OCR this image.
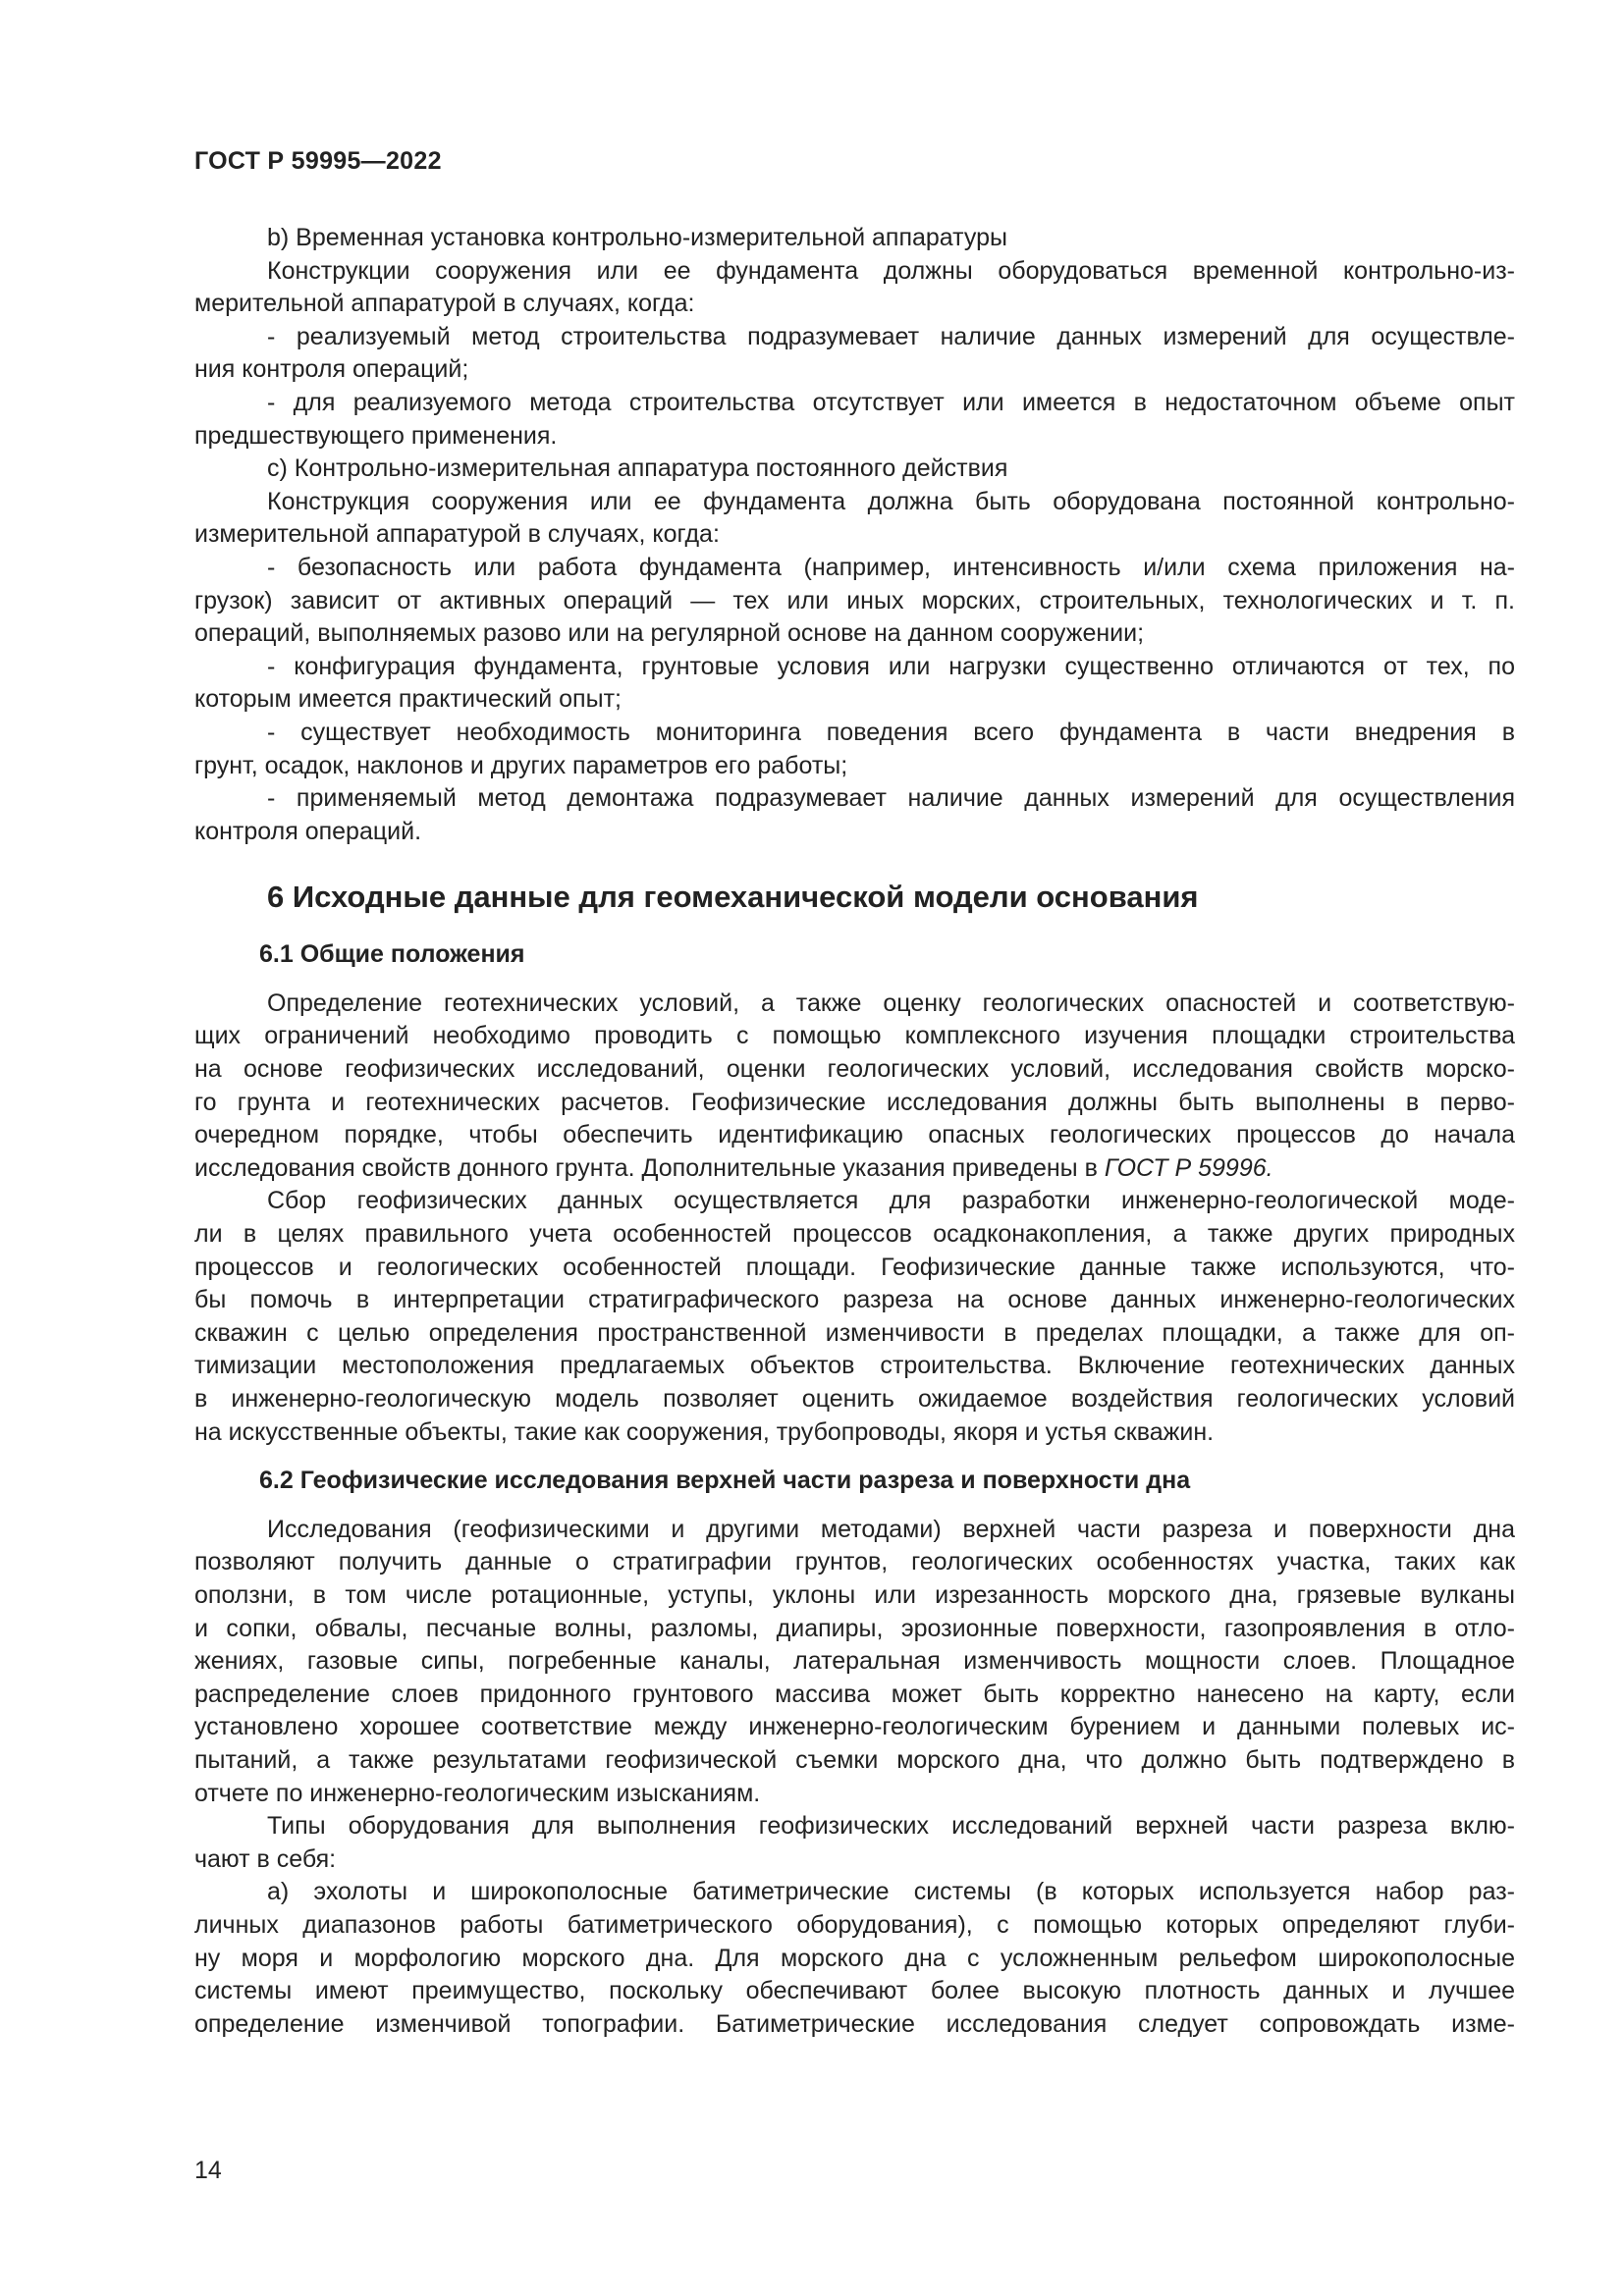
ГОСТ Р 59995—2022
b) Временная установка контрольно-измерительной аппаратуры
Конструкции сооружения или ее фундамента должны оборудоваться временной контрольно-из-
мерительной аппаратурой в случаях, когда:
- реализуемый метод строительства подразумевает наличие данных измерений для осуществле-
ния контроля операций;
- для реализуемого метода строительства отсутствует или имеется в недостаточном объеме опыт
предшествующего применения.
c) Контрольно-измерительная аппаратура постоянного действия
Конструкция сооружения или ее фундамента должна быть оборудована постоянной контрольно-
измерительной аппаратурой в случаях, когда:
- безопасность или работа фундамента (например, интенсивность и/или схема приложения на-
грузок) зависит от активных операций — тех или иных морских, строительных, технологических и т. п.
операций, выполняемых разово или на регулярной основе на данном сооружении;
- конфигурация фундамента, грунтовые условия или нагрузки существенно отличаются от тех, по
которым имеется практический опыт;
- существует необходимость мониторинга поведения всего фундамента в части внедрения в
грунт, осадок, наклонов и других параметров его работы;
- применяемый метод демонтажа подразумевает наличие данных измерений для осуществления
контроля операций.
6 Исходные данные для геомеханической модели основания
6.1 Общие положения
Определение геотехнических условий, а также оценку геологических опасностей и соответствую-
щих ограничений необходимо проводить с помощью комплексного изучения площадки строительства
на основе геофизических исследований, оценки геологических условий, исследования свойств морско-
го грунта и геотехнических расчетов. Геофизические исследования должны быть выполнены в перво-
очередном порядке, чтобы обеспечить идентификацию опасных геологических процессов до начала
исследования свойств донного грунта. Дополнительные указания приведены в ГОСТ Р 59996.
Сбор геофизических данных осуществляется для разработки инженерно-геологической моде-
ли в целях правильного учета особенностей процессов осадконакопления, а также других природных
процессов и геологических особенностей площади. Геофизические данные также используются, что-
бы помочь в интерпретации стратиграфического разреза на основе данных инженерно-геологических
скважин с целью определения пространственной изменчивости в пределах площадки, а также для оп-
тимизации местоположения предлагаемых объектов строительства. Включение геотехнических данных
в инженерно-геологическую модель позволяет оценить ожидаемое воздействия геологических условий
на искусственные объекты, такие как сооружения, трубопроводы, якоря и устья скважин.
6.2 Геофизические исследования верхней части разреза и поверхности дна
Исследования (геофизическими и другими методами) верхней части разреза и поверхности дна
позволяют получить данные о стратиграфии грунтов, геологических особенностях участка, таких как
оползни, в том числе ротационные, уступы, уклоны или изрезанность морского дна, грязевые вулканы
и сопки, обвалы, песчаные волны, разломы, диапиры, эрозионные поверхности, газопроявления в отло-
жениях, газовые сипы, погребенные каналы, латеральная изменчивость мощности слоев. Площадное
распределение слоев придонного грунтового массива может быть корректно нанесено на карту, если
установлено хорошее соответствие между инженерно-геологическим бурением и данными полевых ис-
пытаний, а также результатами геофизической съемки морского дна, что должно быть подтверждено в
отчете по инженерно-геологическим изысканиям.
Типы оборудования для выполнения геофизических исследований верхней части разреза вклю-
чают в себя:
а) эхолоты и широкополосные батиметрические системы (в которых используется набор раз-
личных диапазонов работы батиметрического оборудования), с помощью которых определяют глуби-
ну моря и морфологию морского дна. Для морского дна с усложненным рельефом широкополосные
системы имеют преимущество, поскольку обеспечивают более высокую плотность данных и лучшее
определение изменчивой топографии. Батиметрические исследования следует сопровождать изме-
14
